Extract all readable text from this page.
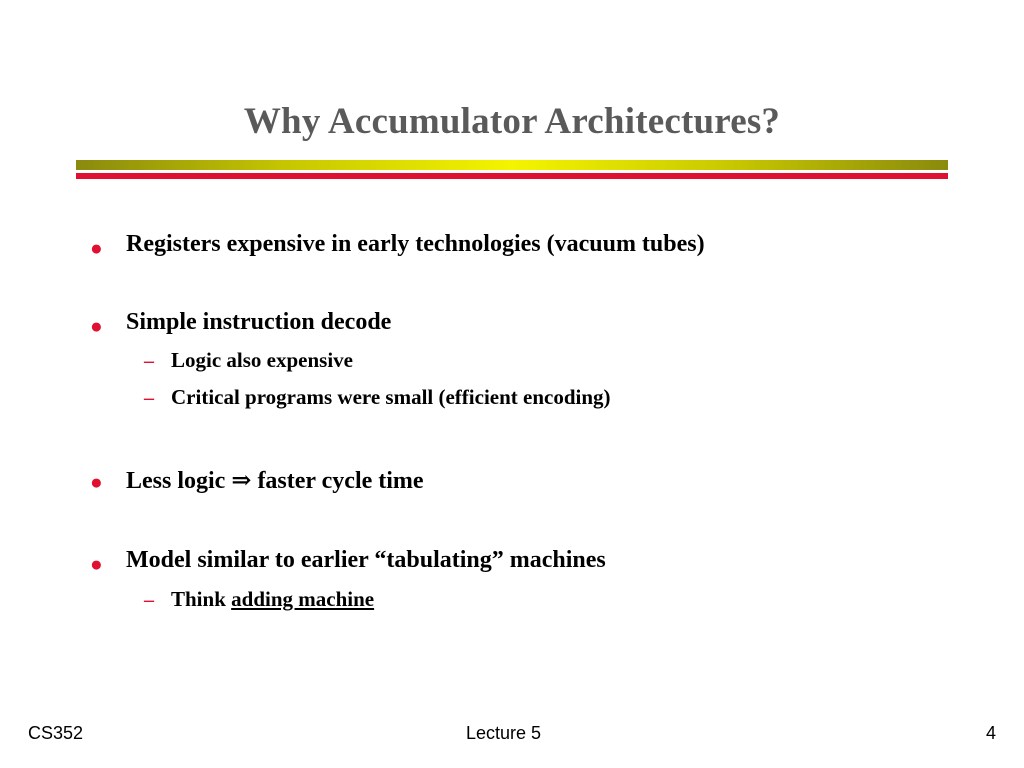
Why Accumulator Architectures?
● Registers expensive in early technologies (vacuum tubes)
● Simple instruction decode
– Logic also expensive
– Critical programs were small (efficient encoding)
● Less logic ⇒ faster cycle time
● Model similar to earlier “tabulating” machines
– Think adding machine
CS352	Lecture 5	4
